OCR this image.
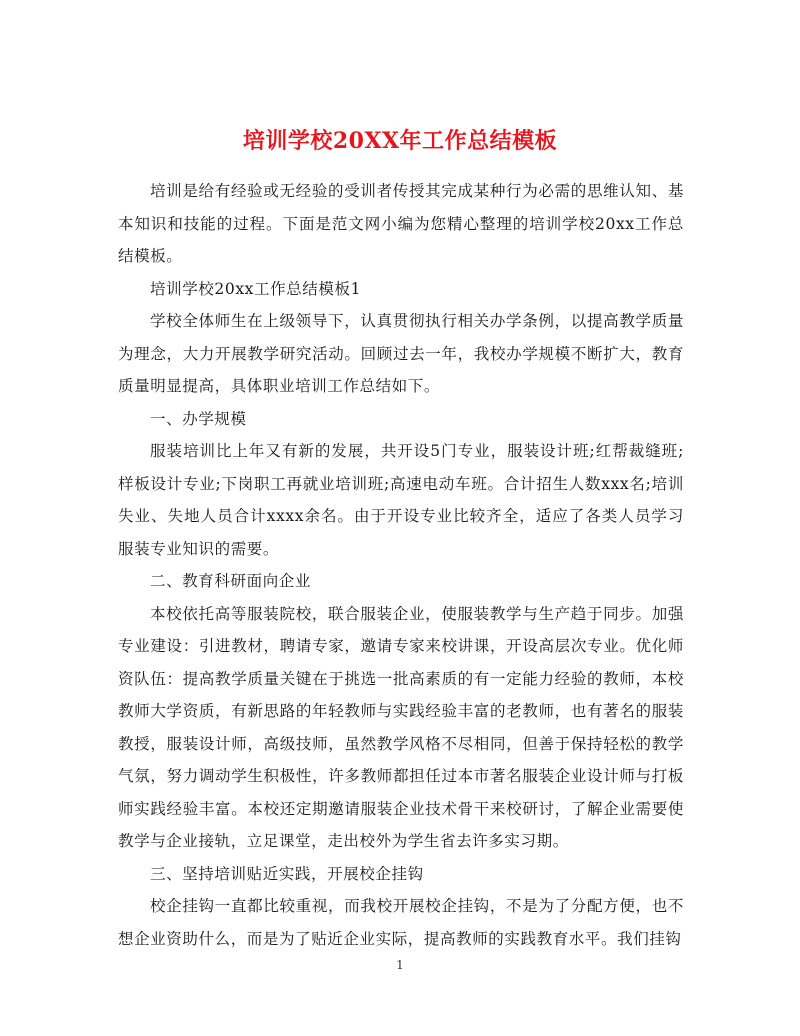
培训学校20XX年工作总结模板

培训是给有经验或无经验的受训者传授其完成某种行为必需的思维认知、基本知识和技能的过程。下面是范文网小编为您精心整理的培训学校20xx工作总结模板。

培训学校20xx工作总结模板1

学校全体师生在上级领导下，认真贯彻执行相关办学条例，以提高教学质量为理念，大力开展教学研究活动。回顾过去一年，我校办学规模不断扩大，教育质量明显提高，具体职业培训工作总结如下。

一、办学规模

服装培训比上年又有新的发展，共开设5门专业，服装设计班;红帮裁缝班;样板设计专业;下岗职工再就业培训班;高速电动车班。合计招生人数xxx名;培训失业、失地人员合计xxxx余名。由于开设专业比较齐全，适应了各类人员学习服装专业知识的需要。

二、教育科研面向企业

本校依托高等服装院校，联合服装企业，使服装教学与生产趋于同步。加强专业建设：引进教材，聘请专家，邀请专家来校讲课，开设高层次专业。优化师资队伍：提高教学质量关键在于挑选一批高素质的有一定能力经验的教师，本校教师大学资质，有新思路的年轻教师与实践经验丰富的老教师，也有著名的服装教授，服装设计师，高级技师，虽然教学风格不尽相同，但善于保持轻松的教学气氛，努力调动学生积极性，许多教师都担任过本市著名服装企业设计师与打板师实践经验丰富。本校还定期邀请服装企业技术骨干来校研讨，了解企业需要使教学与企业接轨，立足课堂，走出校外为学生省去许多实习期。

三、坚持培训贴近实践，开展校企挂钩

校企挂钩一直都比较重视，而我校开展校企挂钩，不是为了分配方便，也不想企业资助什么，而是为了贴近企业实际，提高教师的实践教育水平。我们挂钩

1
